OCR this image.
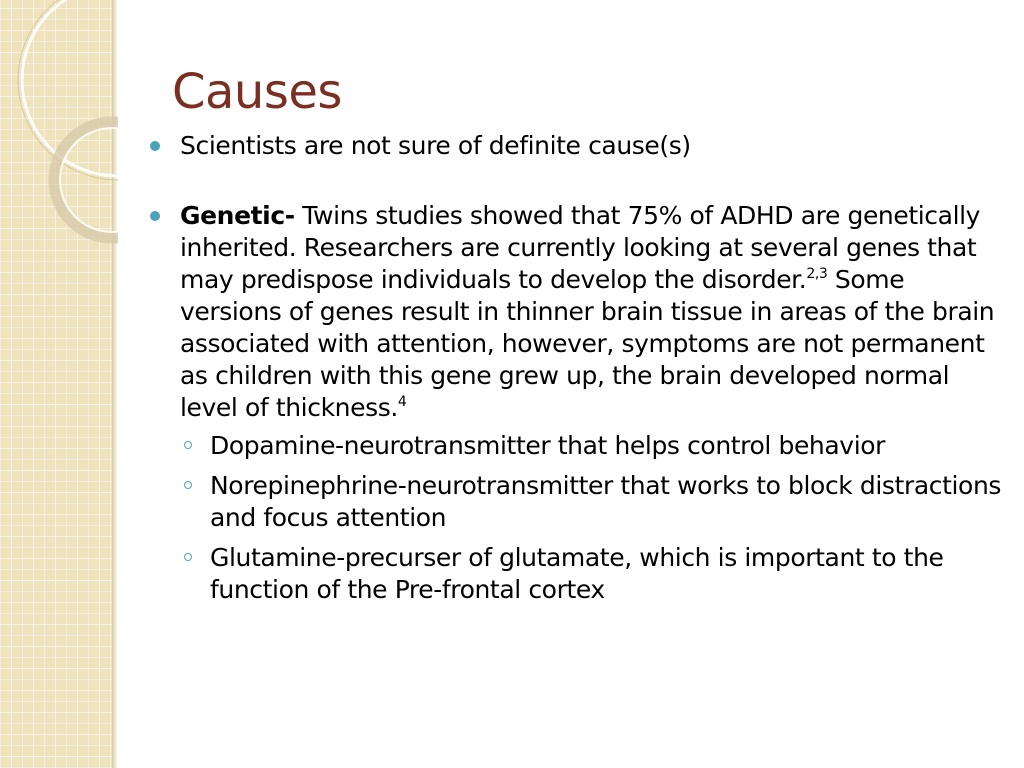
Causes
Scientists are not sure of definite cause(s)
Genetic- Twins studies showed that 75% of ADHD are genetically inherited. Researchers are currently looking at several genes that may predispose individuals to develop the disorder.$^{2,3}$ Some versions of genes result in thinner brain tissue in areas of the brain associated with attention, however, symptoms are not permanent as children with this gene grew up, the brain developed normal level of thickness.$^4$
Dopamine-neurotransmitter that helps control behavior
Norepinephrine-neurotransmitter that works to block distractions and focus attention
Glutamine-precurser of glutamate, which is important to the function of the Pre-frontal cortex
